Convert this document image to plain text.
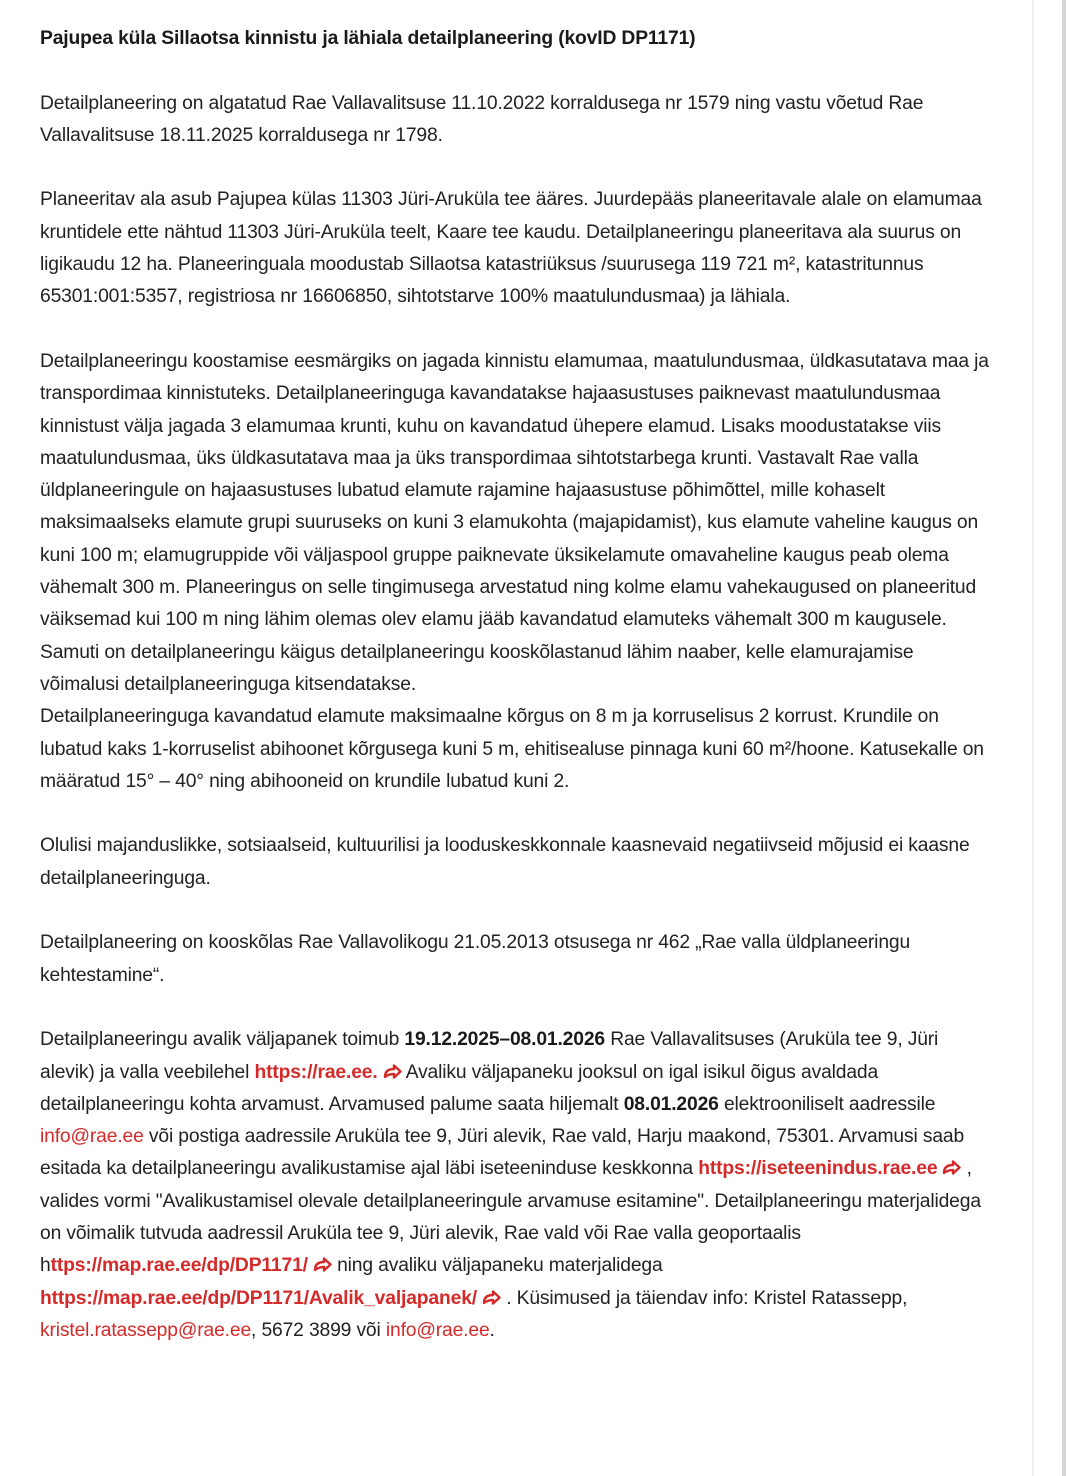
Pajupea küla Sillaotsa kinnistu ja lähiala detailplaneering (kovID DP1171)

Detailplaneering on algatatud Rae Vallavalitsuse 11.10.2022 korraldusega nr 1579 ning vastu võetud Rae Vallavalitsuse 18.11.2025 korraldusega nr 1798.

Planeeritav ala asub Pajupea külas 11303 Jüri-Aruküla tee ääres. Juurdepääs planeeritavale alale on elamumaa kruntidele ette nähtud 11303 Jüri-Aruküla teelt, Kaare tee kaudu. Detailplaneeringu planeeritava ala suurus on ligikaudu 12 ha. Planeeringuala moodustab Sillaotsa katastriüksus /suurusega 119 721 m², katastritunnus 65301:001:5357, registriosa nr 16606850, sihtotstarve 100% maatulundusmaa) ja lähiala.

Detailplaneeringu koostamise eesmärgiks on jagada kinnistu elamumaa, maatulundusmaa, üldkasutatava maa ja transpordimaa kinnistuteks. Detailplaneeringuga kavandatakse hajaasustuses paiknevast maatulundusmaa kinnistust välja jagada 3 elamumaa krunti, kuhu on kavandatud ühepere elamud. Lisaks moodustatakse viis maatulundusmaa, üks üldkasutatava maa ja üks transpordimaa sihtotstarbega krunti. Vastavalt Rae valla üldplaneeringule on hajaasustuses lubatud elamute rajamine hajaasustuse põhimõttel, mille kohaselt maksimaalseks elamute grupi suuruseks on kuni 3 elamukohta (majapidamist), kus elamute vaheline kaugus on kuni 100 m; elamugruppide või väljaspool gruppe paiknevate üksikelamute omavaheline kaugus peab olema vähemalt 300 m. Planeeringus on selle tingimusega arvestatud ning kolme elamu vahekaugused on planeeritud väiksemad kui 100 m ning lähim olemas olev elamu jääb kavandatud elamuteks vähemalt 300 m kaugusele. Samuti on detailplaneeringu käigus detailplaneeringu kooskõlastanud lähim naaber, kelle elamurajamise võimalusi detailplaneeringuga kitsendatakse.

Detailplaneeringuga kavandatud elamute maksimaalne kõrgus on 8 m ja korruselisus 2 korrust. Krundile on lubatud kaks 1-korruselist abihoonet kõrgusega kuni 5 m, ehitisealuse pinnaga kuni 60 m²/hoone. Katusekalle on määratud 15° – 40° ning abihooneid on krundile lubatud kuni 2.

Olulisi majanduslikke, sotsiaalseid, kultuurilisi ja looduskeskkonnale kaasnevaid negatiivseid mõjusid ei kaasne detailplaneeringuga.

Detailplaneering on kooskõlas Rae Vallavolikogu 21.05.2013 otsusega nr 462 „Rae valla üldplaneeringu kehtestamine“.

Detailplaneeringu avalik väljapanek toimub 19.12.2025–08.01.2026 Rae Vallavalitsuses (Aruküla tee 9, Jüri alevik) ja valla veebilehel https://rae.ee. Avaliku väljapaneku jooksul on igal isikul õigus avaldada detailplaneeringu kohta arvamust. Arvamused palume saata hiljemalt 08.01.2026 elektrooniliselt aadressile info@rae.ee või postiga aadressile Aruküla tee 9, Jüri alevik, Rae vald, Harju maakond, 75301. Arvamusi saab esitada ka detailplaneeringu avalikustamise ajal läbi iseteeninduse keskkonna https://iseteenindus.rae.ee , valides vormi "Avalikustamisel olevale detailplaneeringule arvamuse esitamine". Detailplaneeringu materjalidega on võimalik tutvuda aadressil Aruküla tee 9, Jüri alevik, Rae vald või Rae valla geoportaalis https://map.rae.ee/dp/DP1171/ ning avaliku väljapaneku materjalidega https://map.rae.ee/dp/DP1171/Avalik_valjapanek/ . Küsimused ja täiendav info: Kristel Ratassepp, kristel.ratassepp@rae.ee, 5672 3899 või info@rae.ee.
